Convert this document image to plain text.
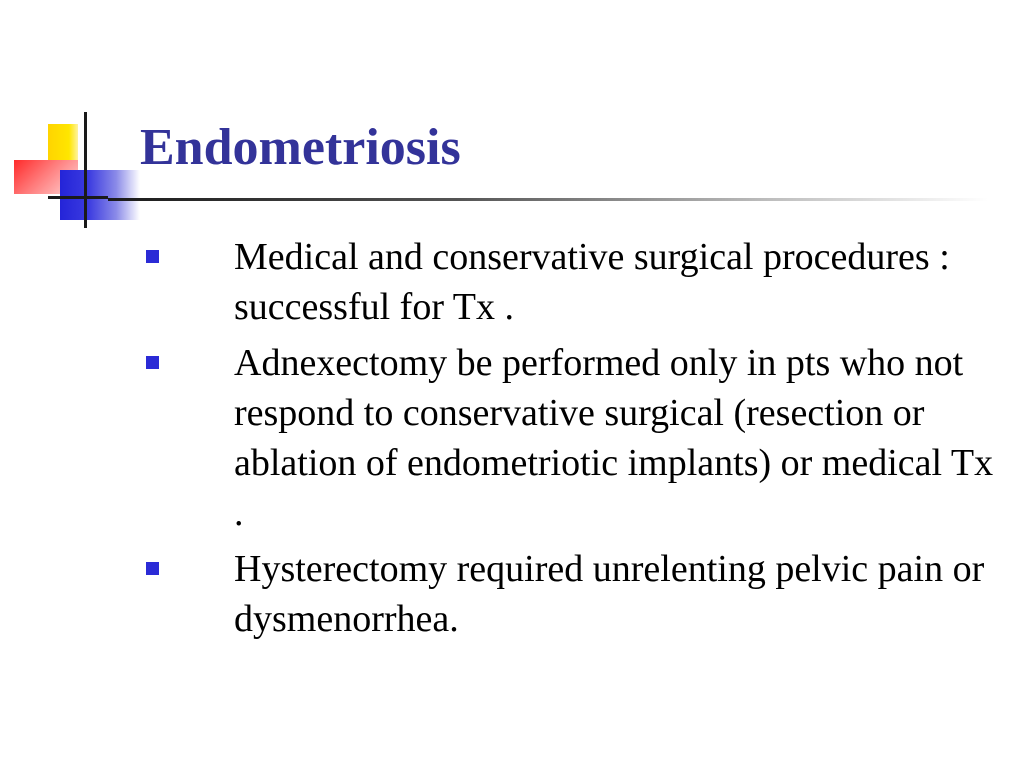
Endometriosis
Medical and conservative surgical procedures : successful for Tx .
Adnexectomy be performed only in pts who not respond to conservative surgical (resection or ablation of endometriotic implants) or medical Tx .
Hysterectomy required unrelenting pelvic pain or dysmenorrhea.
